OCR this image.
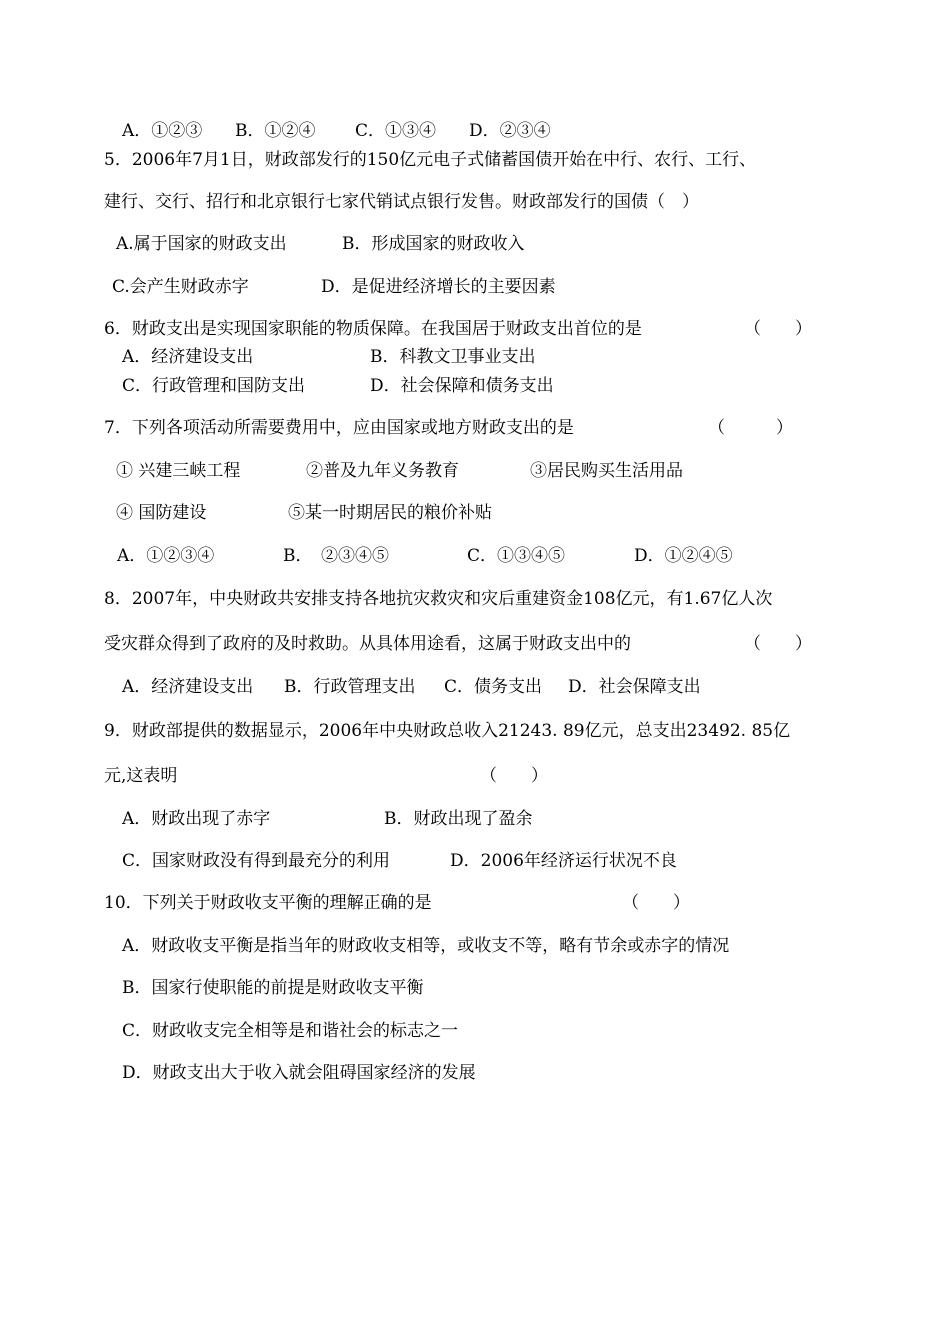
A．①②③

B．①②④

C．①③④

D．②③④

5．2006年7月1日，财政部发行的150亿元电子式储蓄国债开始在中行、农行、工行、
建行、交行、招行和北京银行七家代销试点银行发售。财政部发行的国债（　）

A.属于国家的财政支出

	B．形成国家的财政收入

C.会产生财政赤字

	D．是促进经济增长的主要因素

6．财政支出是实现国家职能的物质保障。在我国居于财政支出首位的是

	（　　）

A．经济建设支出

	B．科教文卫事业支出

C．行政管理和国防支出

	D．社会保障和债务支出

7．下列各项活动所需要费用中，应由国家或地方财政支出的是

	（　　　）

① 兴建三峡工程

	②普及九年义务教育

	③居民购买生活用品

④ 国防建设

	⑤某一时期居民的粮价补贴

A．①②③④

	B．　②③④⑤

	C．①③④⑤

	D．①②④⑤

8．2007年，中央财政共安排支持各地抗灾救灾和灾后重建资金108亿元，有1.67亿人次

受灾群众得到了政府的及时救助。从具体用途看，这属于财政支出中的

	（　　）

A．经济建设支出

B．行政管理支出

C．债务支出

D．社会保障支出

9．财政部提供的数据显示，2006年中央财政总收入21243. 89亿元，总支出23492. 85亿

元,这表明

	（　　）

A．财政出现了赤字

	B．财政出现了盈余

C．国家财政没有得到最充分的利用

	D．2006年经济运行状况不良

10．下列关于财政收支平衡的理解正确的是

	（　　）

A．财政收支平衡是指当年的财政收支相等，或收支不等，略有节余或赤字的情况
B．国家行使职能的前提是财政收支平衡
C．财政收支完全相等是和谐社会的标志之一
D．财政支出大于收入就会阻碍国家经济的发展
